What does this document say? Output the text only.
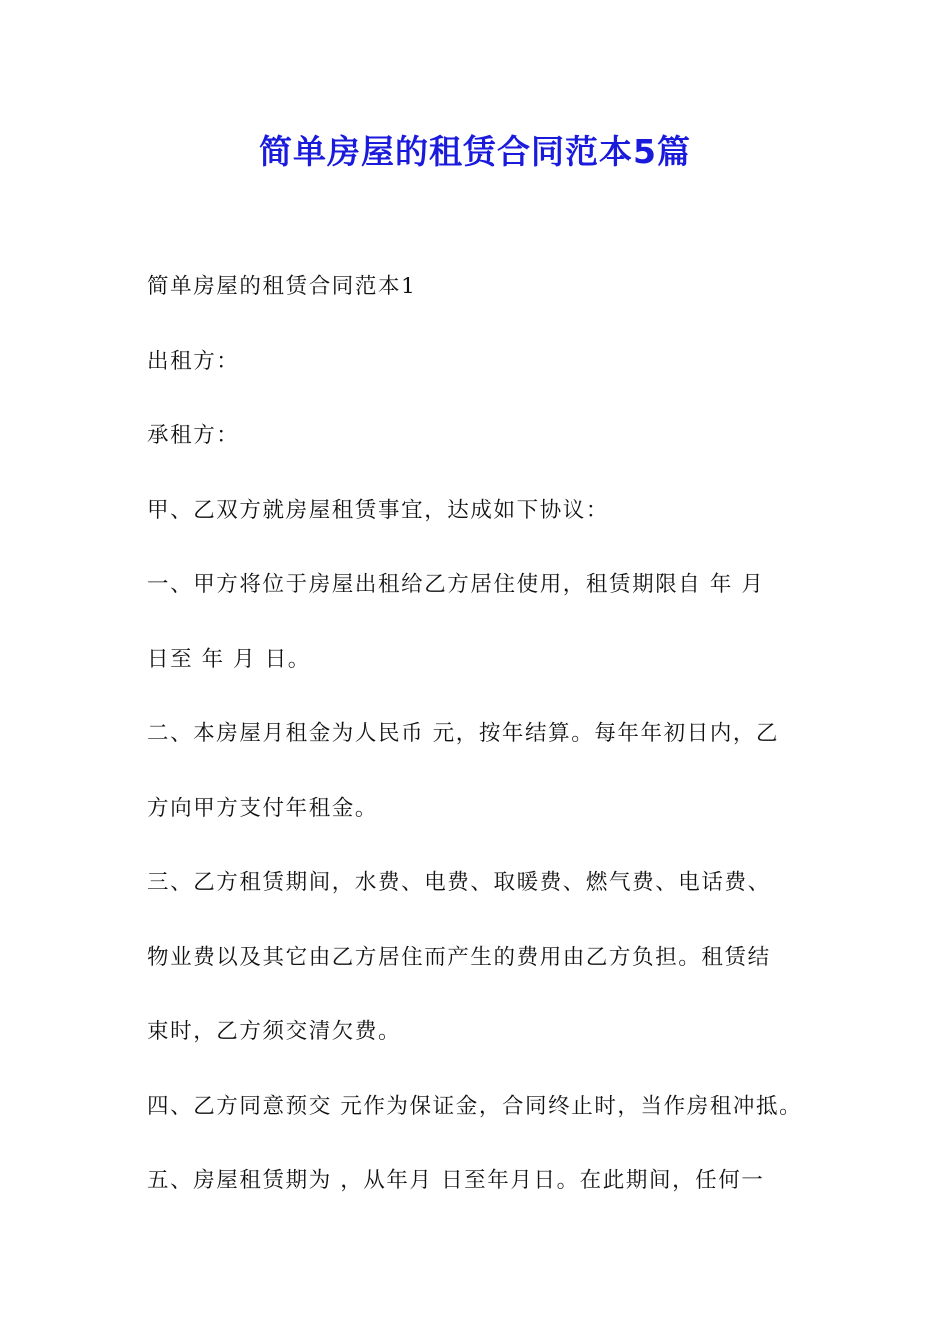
简单房屋的租赁合同范本5篇
简单房屋的租赁合同范本1
出租方：
承租方：
甲、乙双方就房屋租赁事宜，达成如下协议：
一、甲方将位于房屋出租给乙方居住使用，租赁期限自 年 月
日至 年 月 日。
二、本房屋月租金为人民币 元，按年结算。每年年初日内，乙
方向甲方支付年租金。
三、乙方租赁期间，水费、电费、取暖费、燃气费、电话费、
物业费以及其它由乙方居住而产生的费用由乙方负担。租赁结
束时，乙方须交清欠费。
四、乙方同意预交 元作为保证金，合同终止时，当作房租冲抵。
五、房屋租赁期为 ，从年月 日至年月日。在此期间，任何一
